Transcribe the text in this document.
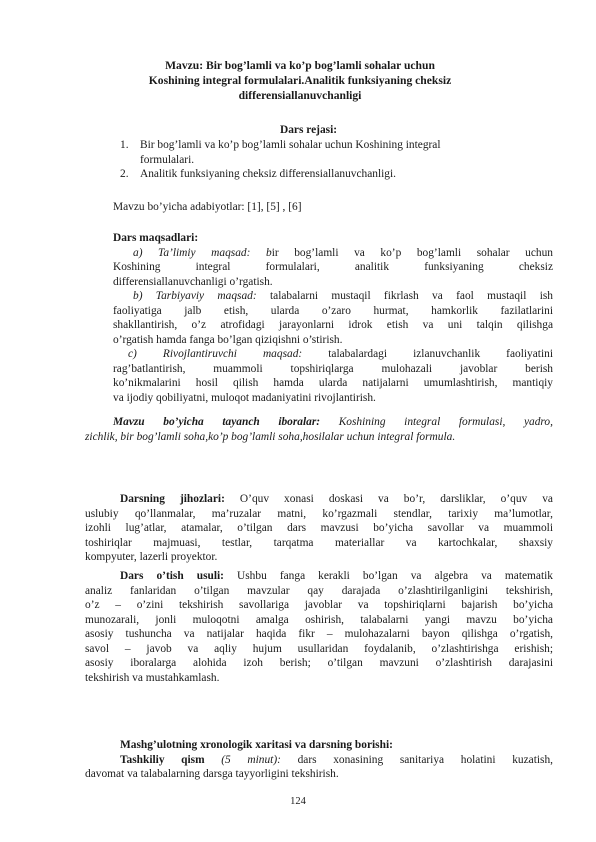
Mavzu: Bir bog’lamli va ko’p bog’lamli sohalar uchun
Koshining integral formulalari.Analitik funksiyaning cheksiz
differensiallanuvchanligi
Dars rejasi:
1. Bir bog’lamli va ko’p bog’lamli sohalar uchun Koshining integral
formulalari.
2. Analitik funksiyaning cheksiz differensiallanuvchanligi.
Mavzu bo’yicha adabiyotlar: [1], [5] , [6]
Dars maqsadlari:
a) Ta’limiy maqsad: bir bog’lamli va ko’p bog’lamli sohalar uchun
Koshining integral formulalari, analitik funksiyaning cheksiz
differensiallanuvchanligi o’rgatish.
b) Tarbiyaviy maqsad: talabalarni mustaqil fikrlash va faol mustaqil ish
faoliyatiga jalb etish, ularda o’zaro hurmat, hamkorlik fazilatlarini
shakllantirish, o’z atrofidagi jarayonlarni idrok etish va uni talqin qilishga
o’rgatish hamda fanga bo’lgan qiziqishni o’stirish.
c) Rivojlantiruvchi maqsad: talabalardagi izlanuvchanlik faoliyatini
rag’batlantirish, muammoli topshiriqlarga mulohazali javoblar berish
ko’nikmalarini hosil qilish hamda ularda natijalarni umumlashtirish, mantiqiy
va ijodiy qobiliyatni, muloqot madaniyatini rivojlantirish.
Mavzu bo’yicha tayanch iboralar: Koshining integral formulasi, yadro,
zichlik, bir bog’lamli soha,ko’p bog’lamli soha,hosilalar uchun integral formula.
Darsning jihozlari: O’quv xonasi doskasi va bo’r, darsliklar, o’quv va
uslubiy qo’llanmalar, ma’ruzalar matni, ko’rgazmali stendlar, tarixiy ma’lumotlar,
izohli lug’atlar, atamalar, o’tilgan dars mavzusi bo’yicha savollar va muammoli
toshiriqlar majmuasi, testlar, tarqatma materiallar va kartochkalar, shaxsiy
kompyuter, lazerli proyektor.
Dars o’tish usuli: Ushbu fanga kerakli bo’lgan va algebra va matematik
analiz fanlaridan o’tilgan mavzular qay darajada o’zlashtirilganligini tekshirish,
o’z – o’zini tekshirish savollariga javoblar va topshiriqlarni bajarish bo’yicha
munozarali, jonli muloqotni amalga oshirish, talabalarni yangi mavzu bo’yicha
asosiy tushuncha va natijalar haqida fikr – mulohazalarni bayon qilishga o’rgatish,
savol – javob va aqliy hujum usullaridan foydalanib, o’zlashtirishga erishish;
asosiy iboralarga alohida izoh berish; o’tilgan mavzuni o’zlashtirish darajasini
tekshirish va mustahkamlash.
Mashg’ulotning xronologik xaritasi va darsning borishi:
Tashkiliy qism (5 minut): dars xonasining sanitariya holatini kuzatish,
davomat va talabalarning darsga tayyorligini tekshirish.
124
